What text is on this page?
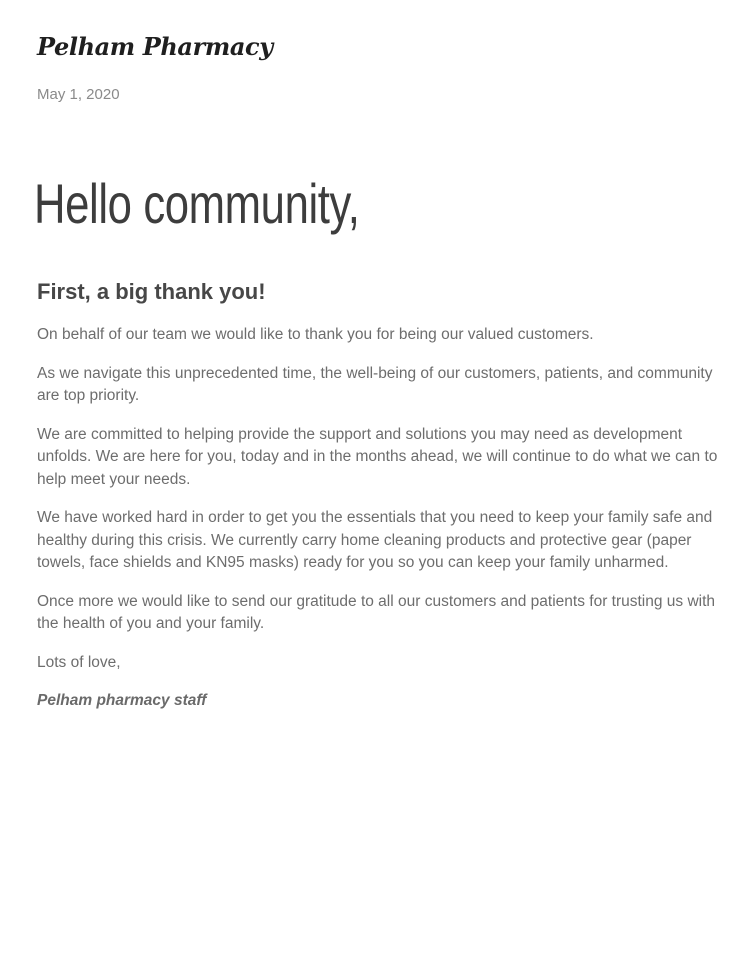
Pelham Pharmacy
May 1, 2020
Hello community,
First, a big thank you!

On behalf of our team we would like to thank you for being our valued customers.

As we navigate this unprecedented time, the well-being of our customers, patients, and community are top priority.

We are committed to helping provide the support and solutions you may need as development unfolds. We are here for you, today and in the months ahead, we will continue to do what we can to help meet your needs.

We have worked hard in order to get you the essentials that you need to keep your family safe and healthy during this crisis. We currently carry home cleaning products and protective gear (paper towels, face shields and KN95 masks) ready for you so you can keep your family unharmed.

Once more we would like to send our gratitude to all our customers and patients for trusting us with the health of you and your family.

Lots of love,

Pelham pharmacy staff
